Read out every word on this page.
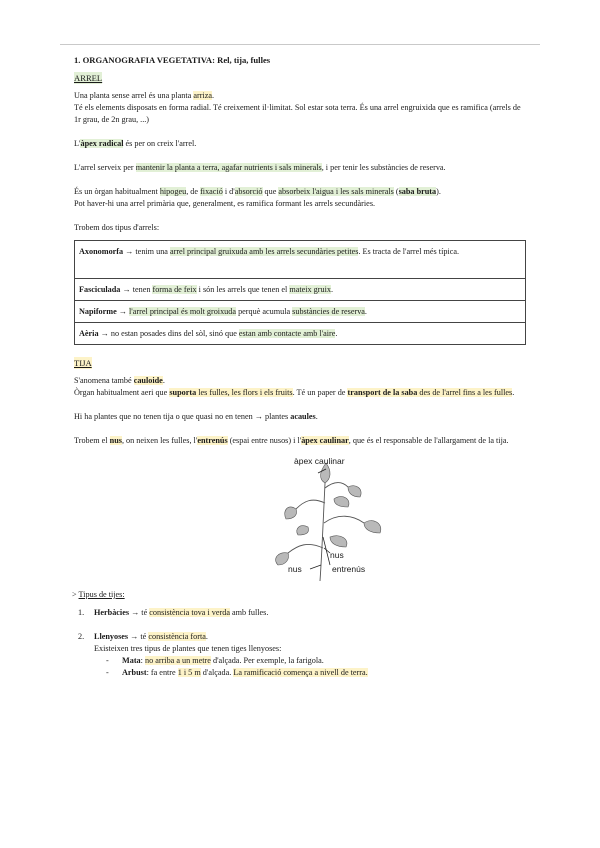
1. ORGANOGRAFIA VEGETATIVA: Rel, tija, fulles

ARREL

Una planta sense arrel és una planta arriza.

Té els elements disposats en forma radial. Té creixement il·limitat. Sol estar sota terra. És una arrel engruixida que es ramifica (arrels de 1r grau, de 2n grau, ...)

L'àpex radical és per on creix l'arrel.

L'arrel serveix per mantenir la planta a terra, agafar nutrients i sals minerals, i per tenir les substàncies de reserva.

És un òrgan habitualment hipogeu, de fixació i d'absorció que absorbeix l'aigua i les sals minerals (saba bruta).

Pot haver-hi una arrel primària que, generalment, es ramifica formant les arrels secundàries.

Trobem dos tipus d'arrels:

Axonomorfa → tenim una arrel principal gruixuda amb les arrels secundàries petites. Es tracta de l'arrel més típica.
Fasciculada → tenen forma de feix i són les arrels que tenen el mateix gruix.
Napiforme → l'arrel principal és molt groixuda perquè acumula substàncies de reserva.
Aèria → no estan posades dins del sòl, sinó que estan amb contacte amb l'aire.
TIJA

S'anomena també cauloide.

Òrgan habitualment aeri que suporta les fulles, les flors i els fruits. Té un paper de transport de la saba des de l'arrel fins a les fulles.

Hi ha plantes que no tenen tija o que quasi no en tenen → plantes acaules.

Trobem el nus, on neixen les fulles, l'entrenús (espai entre nusos) i l'àpex caulinar, que és el responsable de l'allargament de la tija.

àpex caulinar
nus
nus	entrenús

> Tipus de tijes:

1. Herbàcies → té consistència tova i verda amb fulles.
2. Llenyoses → té consistència forta.

Existeixen tres tipus de plantes que tenen tiges llenyoses:

- Mata: no arriba a un metre d'alçada. Per exemple, la farigola.

- Arbust: fa entre 1 i 5 m d'alçada. La ramificació comença a nivell de terra.
